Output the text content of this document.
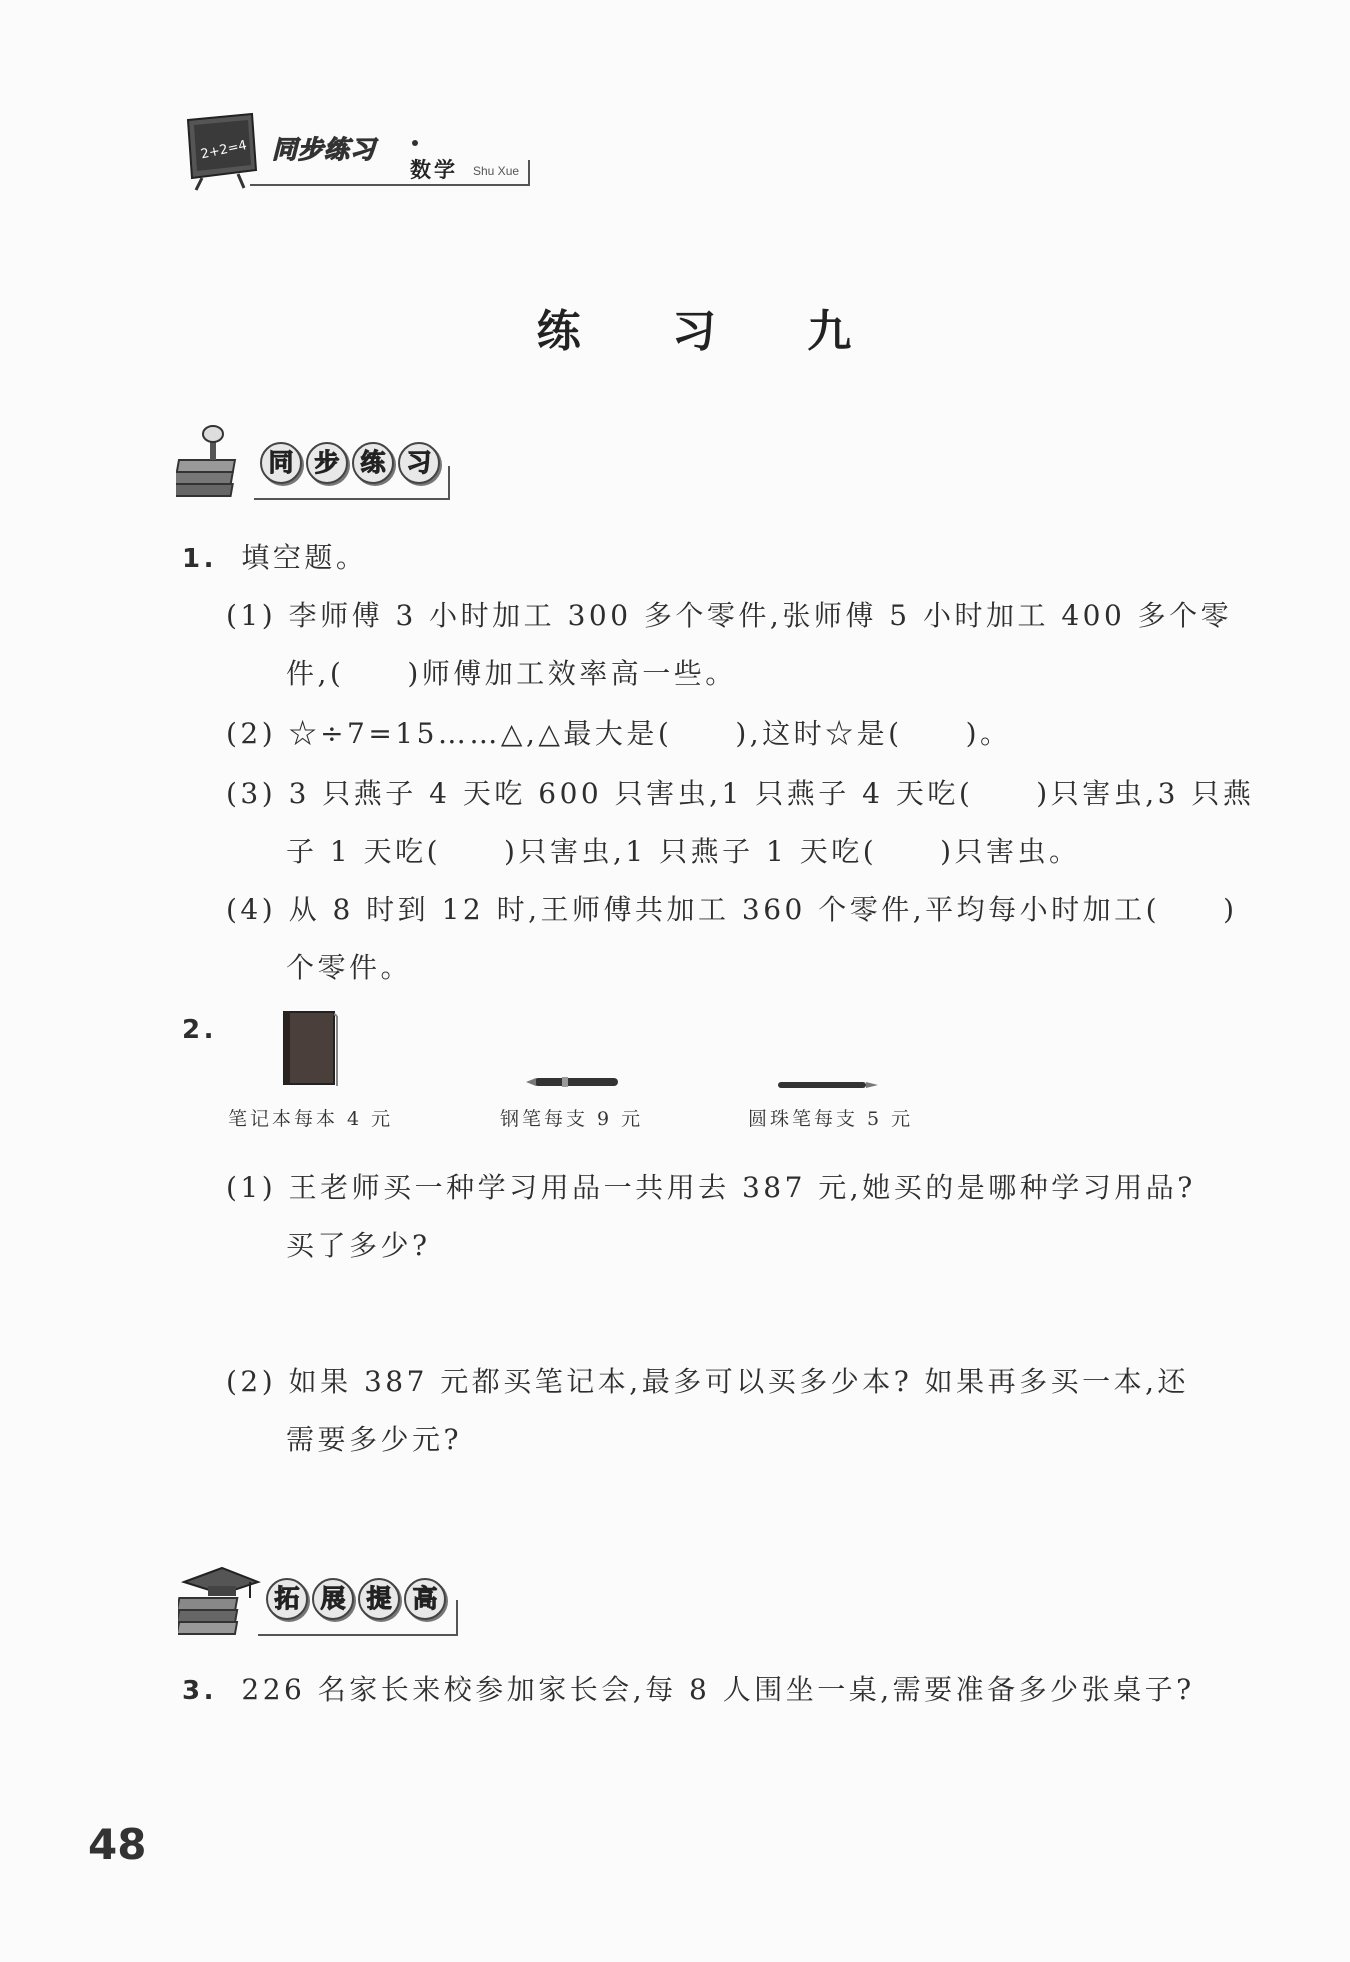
2+2=4 同步练习
数学 Shu Xue
练 习 九
同 步 练 习
1. 填空题。
(1) 李师傅 3 小时加工 300 多个零件,张师傅 5 小时加工 400 多个零
件,(　　)师傅加工效率高一些。
(2) ☆÷7=15……△,△最大是(　　),这时☆是(　　)。
(3) 3 只燕子 4 天吃 600 只害虫,1 只燕子 4 天吃(　　)只害虫,3 只燕
子 1 天吃(　　)只害虫,1 只燕子 1 天吃(　　)只害虫。
(4) 从 8 时到 12 时,王师傅共加工 360 个零件,平均每小时加工(　　)
个零件。
2.
笔记本每本 4 元	钢笔每支 9 元	圆珠笔每支 5 元
(1) 王老师买一种学习用品一共用去 387 元,她买的是哪种学习用品?
买了多少?
(2) 如果 387 元都买笔记本,最多可以买多少本? 如果再多买一本,还
需要多少元?
拓 展 提 高
3. 226 名家长来校参加家长会,每 8 人围坐一桌,需要准备多少张桌子?
48
